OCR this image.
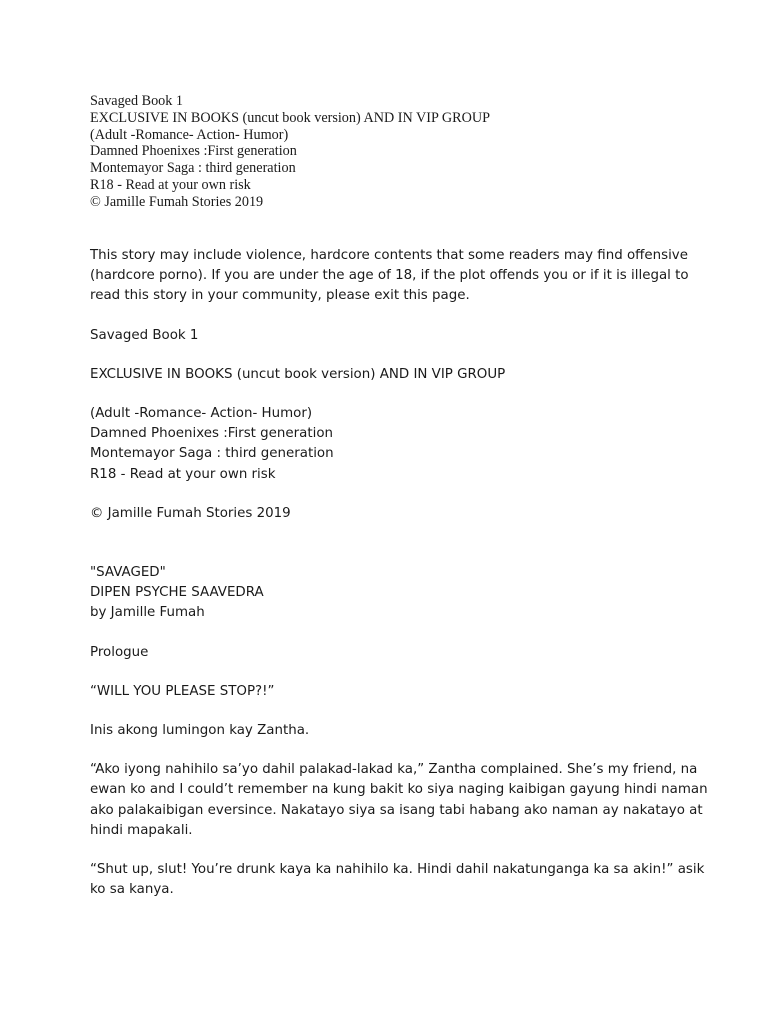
Savaged Book 1
EXCLUSIVE IN BOOKS (uncut book version) AND IN VIP GROUP
(Adult -Romance- Action- Humor)
Damned Phoenixes :First generation
Montemayor Saga : third generation
R18 - Read at your own risk
© Jamille Fumah Stories 2019
This story may include violence, hardcore contents that some readers may find offensive
(hardcore porno). If you are under the age of 18, if the plot offends you or if it is illegal to
read this story in your community, please exit this page.
Savaged Book 1
EXCLUSIVE IN BOOKS (uncut book version) AND IN VIP GROUP
(Adult -Romance- Action- Humor)
Damned Phoenixes :First generation
Montemayor Saga : third generation
R18 - Read at your own risk
© Jamille Fumah Stories 2019
"SAVAGED"
DIPEN PSYCHE SAAVEDRA
by Jamille Fumah
Prologue
“WILL YOU PLEASE STOP?!”
Inis akong lumingon kay Zantha.
“Ako iyong nahihilo sa’yo dahil palakad-lakad ka,” Zantha complained. She’s my friend, na
ewan ko and I could’t remember na kung bakit ko siya naging kaibigan gayung hindi naman
ako palakaibigan eversince. Nakatayo siya sa isang tabi habang ako naman ay nakatayo at
hindi mapakali.
“Shut up, slut! You’re drunk kaya ka nahihilo ka. Hindi dahil nakatunganga ka sa akin!” asik
ko sa kanya.
